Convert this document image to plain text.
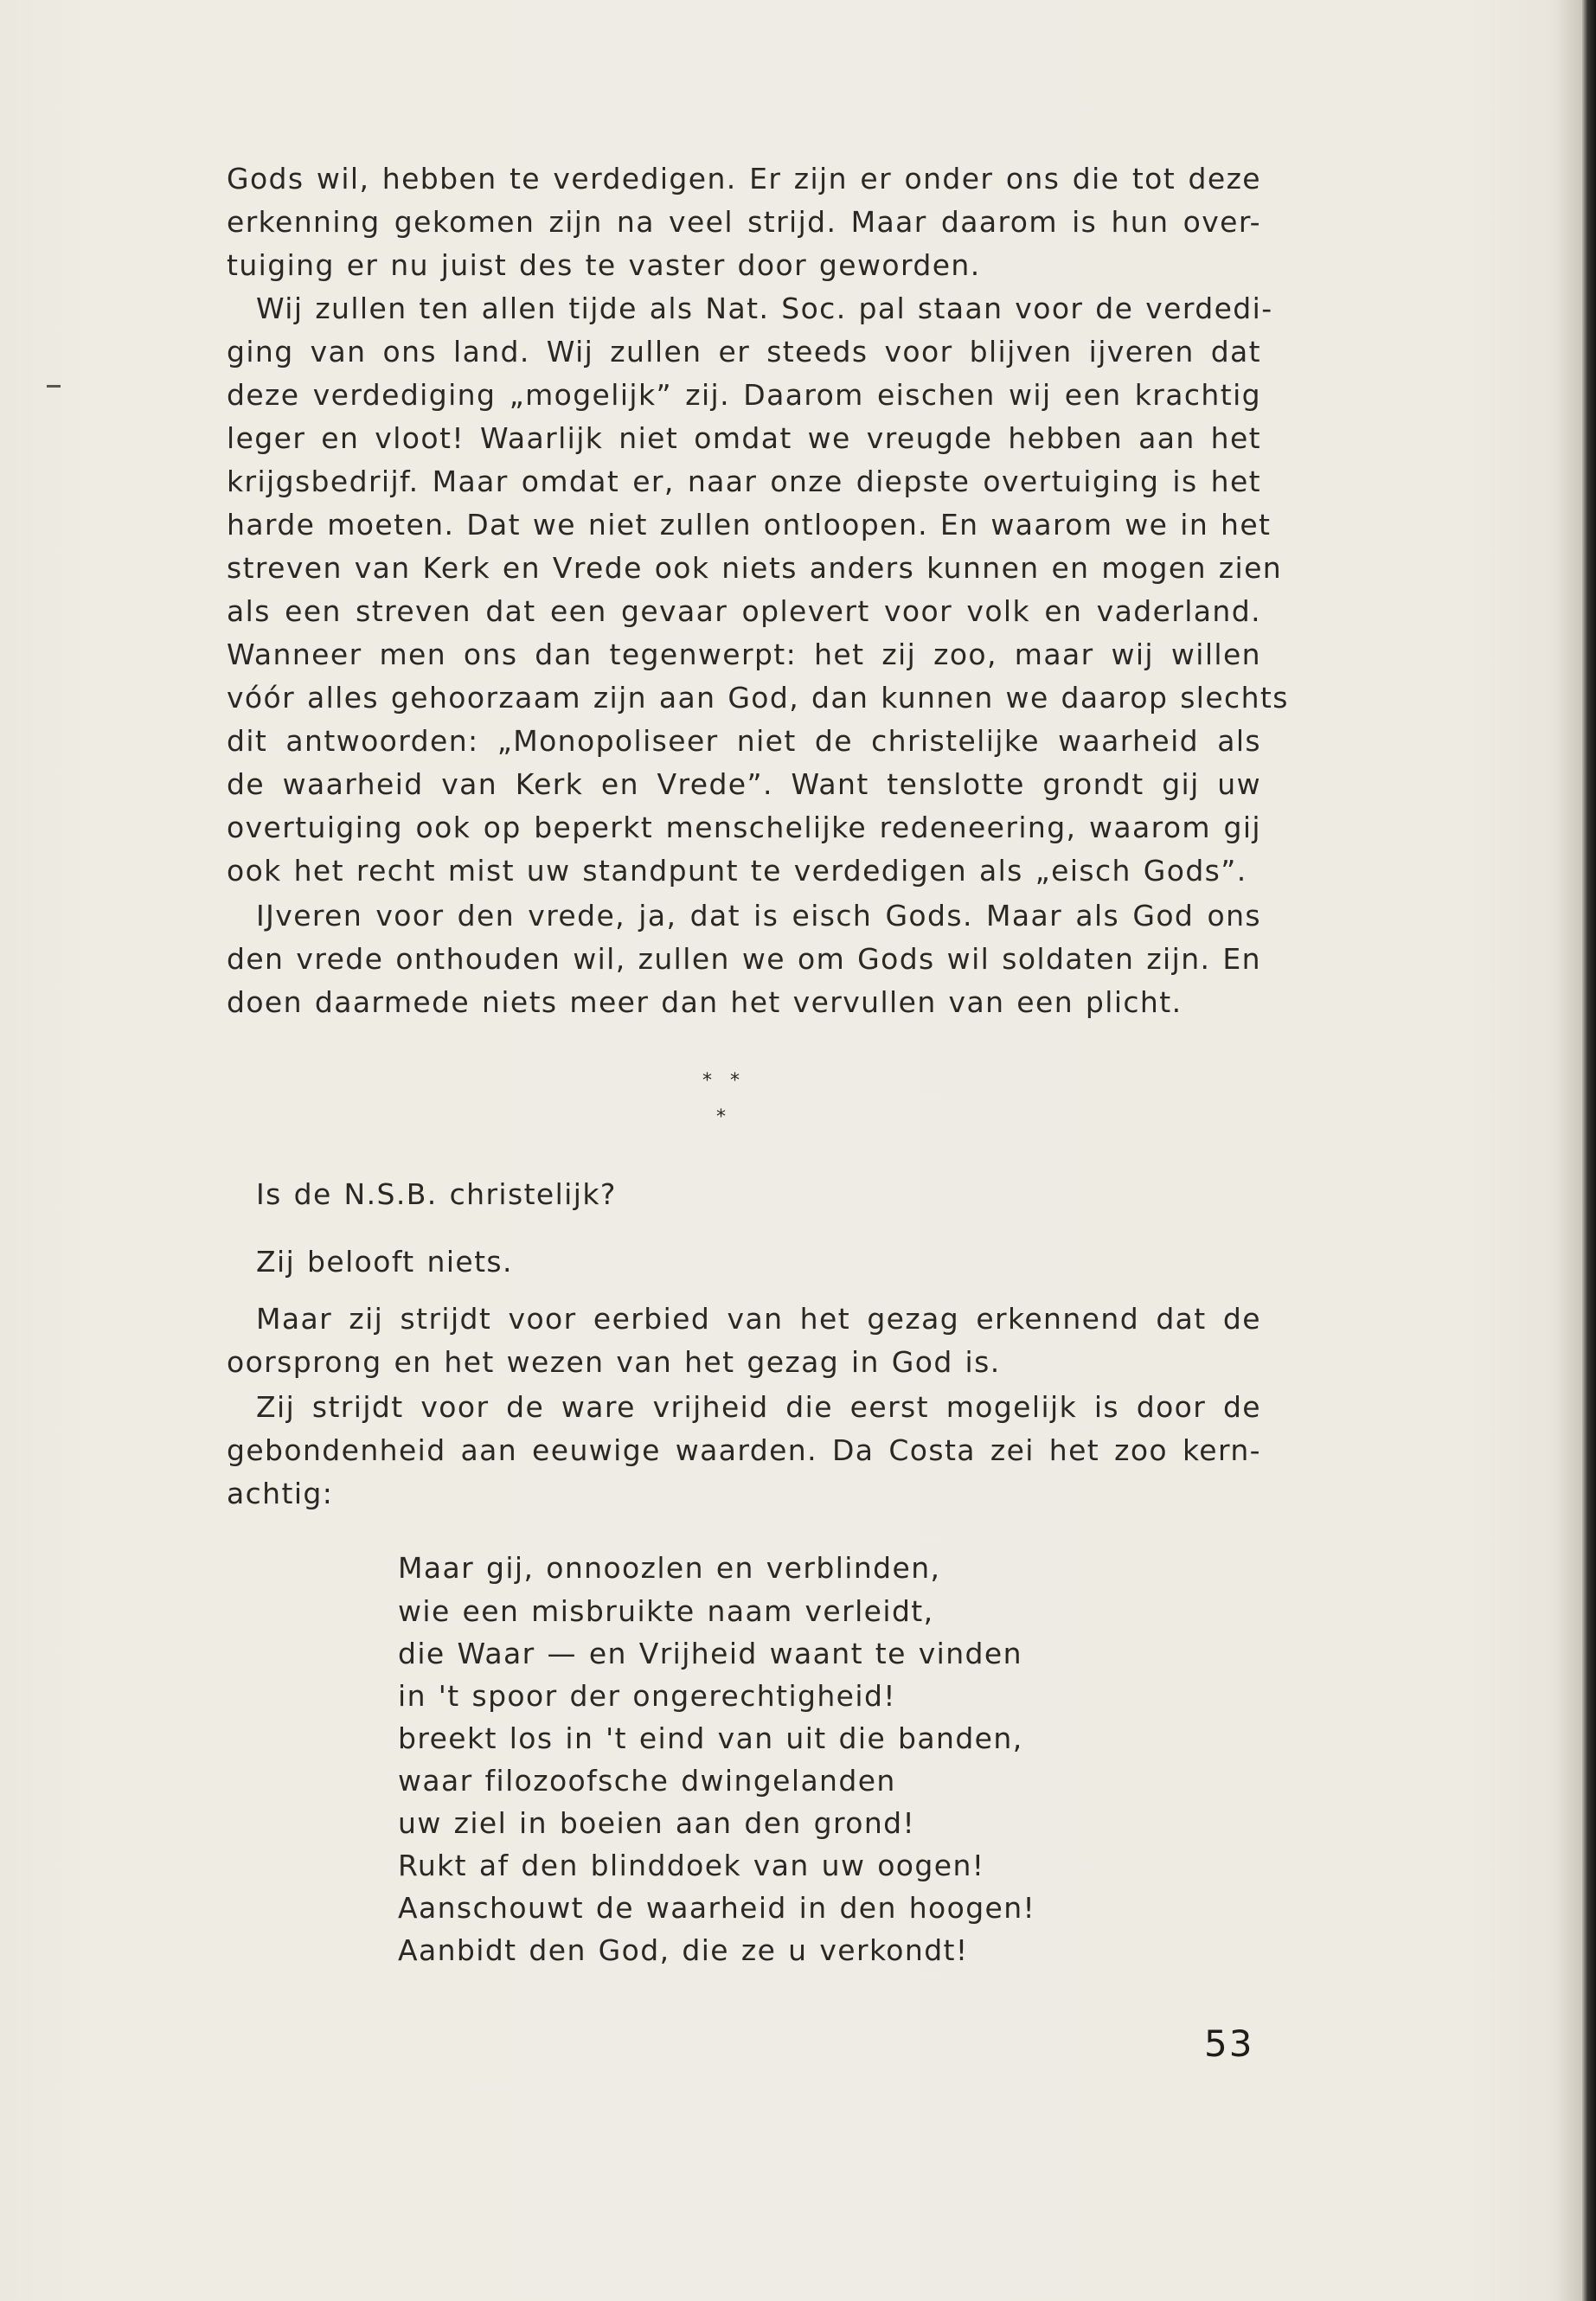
Gods wil, hebben te verdedigen. Er zijn er onder ons die tot deze

erkenning gekomen zijn na veel strijd. Maar daarom is hun over-

tuiging er nu juist des te vaster door geworden.

Wij zullen ten allen tijde als Nat. Soc. pal staan voor de verdedi-

ging van ons land. Wij zullen er steeds voor blijven ijveren dat

deze verdediging „mogelijk” zij. Daarom eischen wij een krachtig

leger en vloot! Waarlijk niet omdat we vreugde hebben aan het

krijgsbedrijf. Maar omdat er, naar onze diepste overtuiging is het

harde moeten. Dat we niet zullen ontloopen. En waarom we in het

streven van Kerk en Vrede ook niets anders kunnen en mogen zien

als een streven dat een gevaar oplevert voor volk en vaderland.

Wanneer men ons dan tegenwerpt: het zij zoo, maar wij willen

vóór alles gehoorzaam zijn aan God, dan kunnen we daarop slechts

dit antwoorden: „Monopoliseer niet de christelijke waarheid als

de waarheid van Kerk en Vrede”. Want tenslotte grondt gij uw

overtuiging ook op beperkt menschelijke redeneering, waarom gij

ook het recht mist uw standpunt te verdedigen als „eisch Gods”.

IJveren voor den vrede, ja, dat is eisch Gods. Maar als God ons

den vrede onthouden wil, zullen we om Gods wil soldaten zijn. En

doen daarmede niets meer dan het vervullen van een plicht.

* *
*

Is de N.S.B. christelijk?

Zij belooft niets.

Maar zij strijdt voor eerbied van het gezag erkennend dat de

oorsprong en het wezen van het gezag in God is.

Zij strijdt voor de ware vrijheid die eerst mogelijk is door de

gebondenheid aan eeuwige waarden. Da Costa zei het zoo kern-

achtig:

Maar gij, onnoozlen en verblinden,

wie een misbruikte naam verleidt,

die Waar — en Vrijheid waant te vinden

in 't spoor der ongerechtigheid!

breekt los in 't eind van uit die banden,

waar filozoofsche dwingelanden

uw ziel in boeien aan den grond!

Rukt af den blinddoek van uw oogen!

Aanschouwt de waarheid in den hoogen!

Aanbidt den God, die ze u verkondt!

53
